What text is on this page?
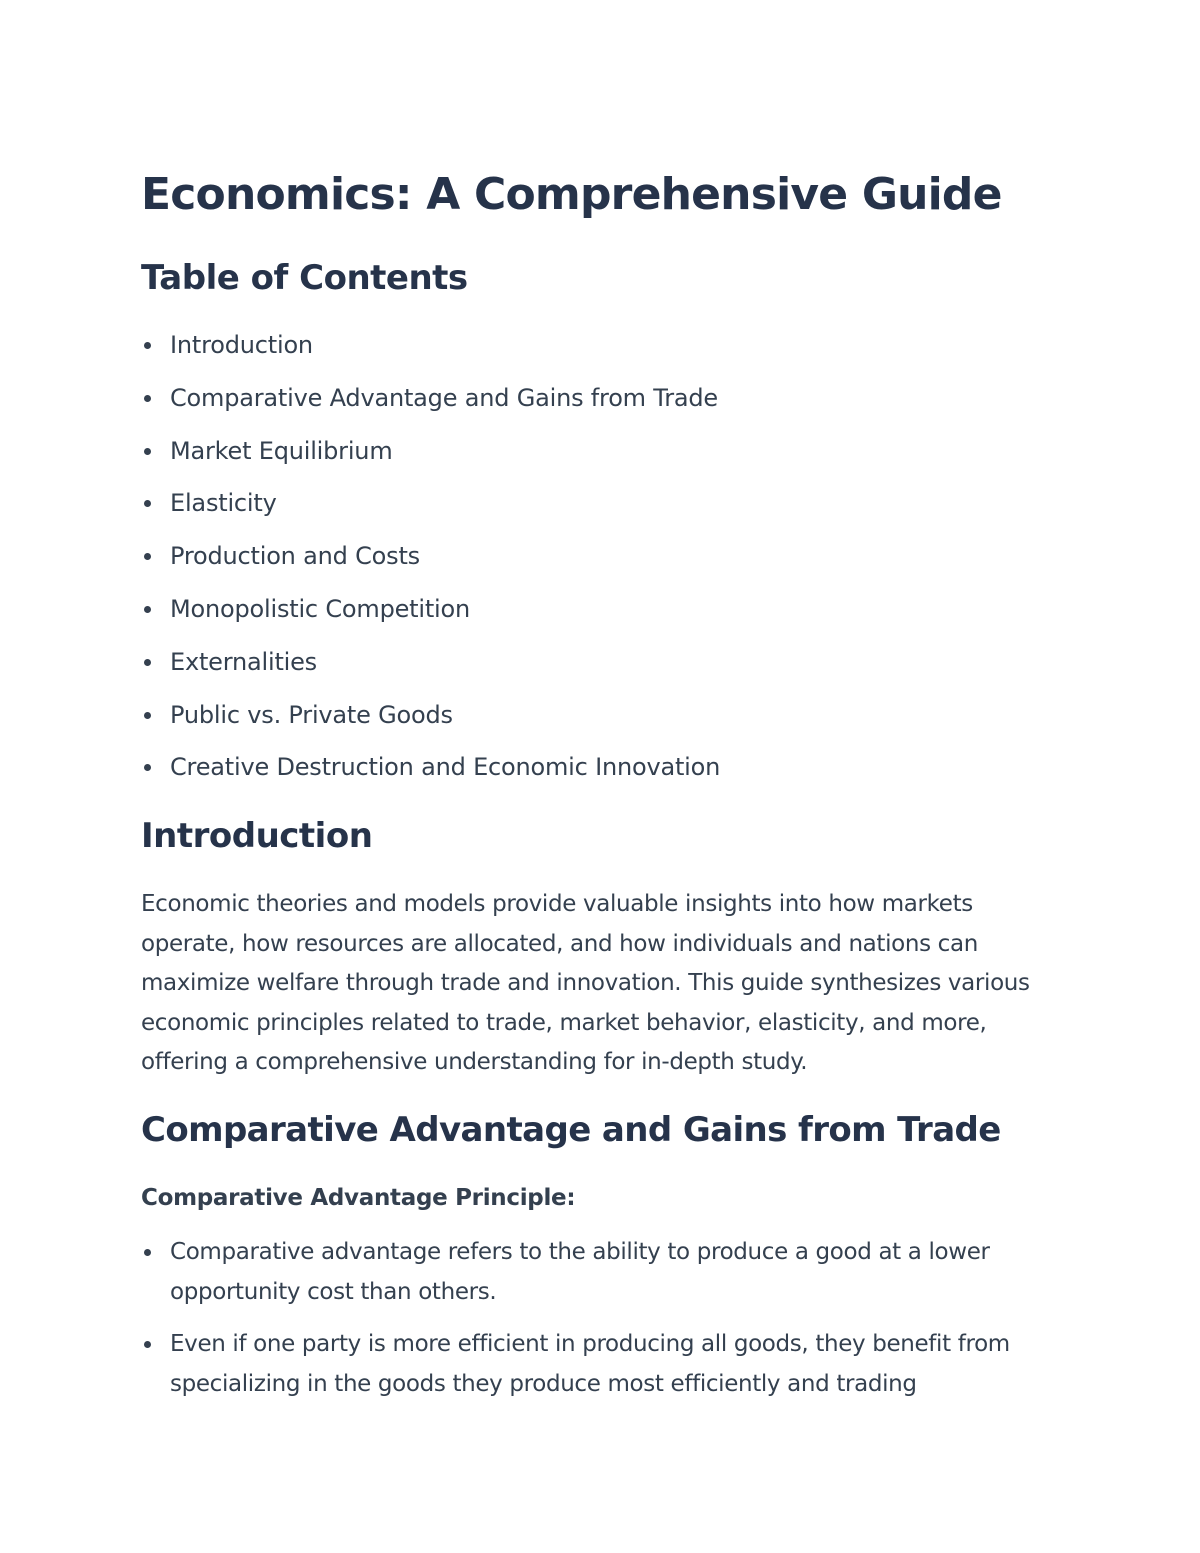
Economics: A Comprehensive Guide
Table of Contents
Introduction
Comparative Advantage and Gains from Trade
Market Equilibrium
Elasticity
Production and Costs
Monopolistic Competition
Externalities
Public vs. Private Goods
Creative Destruction and Economic Innovation
Introduction

Economic theories and models provide valuable insights into how markets operate, how resources are allocated, and how individuals and nations can maximize welfare through trade and innovation. This guide synthesizes various economic principles related to trade, market behavior, elasticity, and more, offering a comprehensive understanding for in-depth study.

Comparative Advantage and Gains from Trade
Comparative Advantage Principle:
Comparative advantage refers to the ability to produce a good at a lower opportunity cost than others.
Even if one party is more efficient in producing all goods, they benefit from specializing in the goods they produce most efficiently and trading
